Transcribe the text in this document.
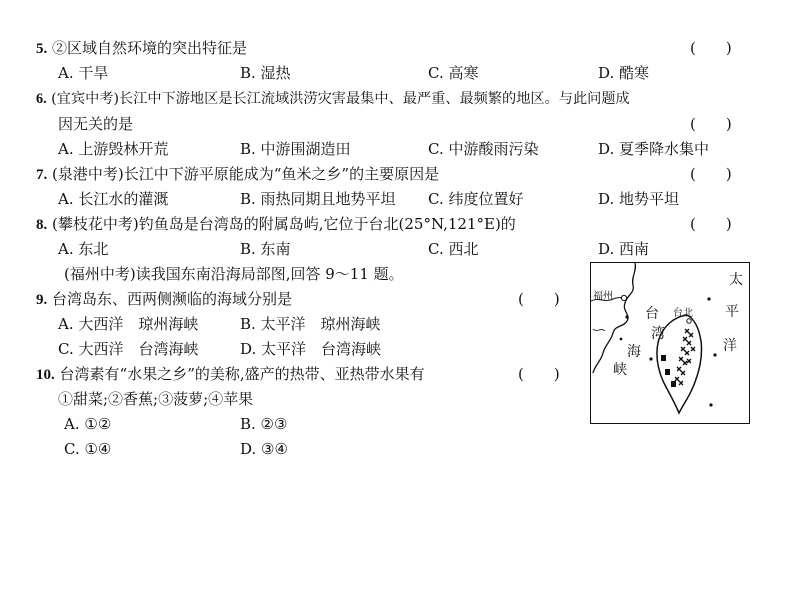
5. ②区域自然环境的突出特征是	(　　)
A. 干旱	B. 湿热	C. 高寒	D. 酷寒
6. (宜宾中考)长江中下游地区是长江流域洪涝灾害最集中、最严重、最频繁的地区。与此问题成
因无关的是	(　　)
A. 上游毁林开荒	B. 中游围湖造田	C. 中游酸雨污染	D. 夏季降水集中
7. (泉港中考)长江中下游平原能成为“鱼米之乡”的主要原因是	(　　)
A. 长江水的灌溉	B. 雨热同期且地势平坦 C. 纬度位置好	D. 地势平坦
8. (攀枝花中考)钓鱼岛是台湾岛的附属岛屿,它位于台北(25°N,121°E)的	(　　)
A. 东北	B. 东南	C. 西北	D. 西南
(福州中考)读我国东南沿海局部图,回答 9～11 题。
9. 台湾岛东、西两侧濒临的海域分别是	(　　)
A. 大西洋　琼州海峡	B. 太平洋　琼州海峡
C. 大西洋　台湾海峡	D. 太平洋　台湾海峡
10. 台湾素有“水果之乡”的美称,盛产的热带、亚热带水果有	(　　)
①甜菜;②香蕉;③菠萝;④苹果
A. ①②	B. ②③
C. ①④	D. ③④
福州
台北
台
湾
海
峡
太
平
洋
